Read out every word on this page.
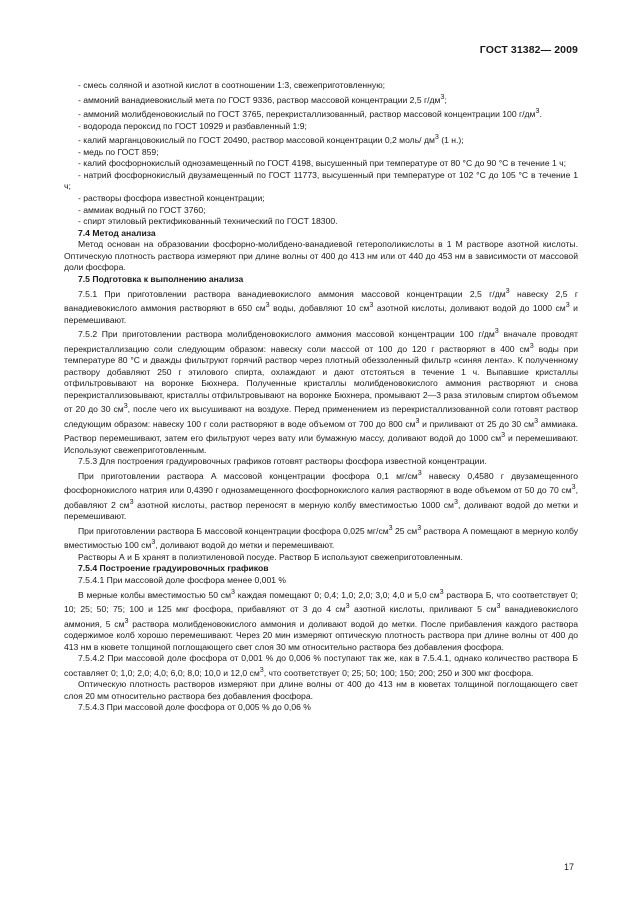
ГОСТ 31382— 2009

- смесь соляной и азотной кислот в соотношении 1:3, свежеприготовленную;

- аммоний ванадиевокислый мета по ГОСТ 9336, раствор массовой концентрации 2,5 $г/дм^3$;

- аммоний молибденовокислый по ГОСТ 3765, перекристаллизованный, раствор массовой концентрации 100 $г/дм^3$.

- водорода пероксид по ГОСТ 10929 и разбавленный 1:9;

- калий марганцовокислый по ГОСТ 20490, раствор массовой концентрации 0,2 моль/ $дм^3$ (1 н.);

- медь по ГОСТ 859;

- калий фосфорнокислый однозамещенный по ГОСТ 4198, высушенный при температуре от 80 °С до 90 °С в течение 1 ч;

- натрий фосфорнокислый двузамещенный по ГОСТ 11773, высушенный при температуре от 102 °С до 105 °С в течение 1 ч;

- растворы фосфора известной концентрации;

- аммиак водный по ГОСТ 3760;

- спирт этиловый ректификованный технический по ГОСТ 18300.

7.4 Метод анализа

Метод основан на образовании фосфорно-молибдено-ванадиевой гетерополикислоты в 1 М растворе азотной кислоты. Оптическую плотность раствора измеряют при длине волны от 400 до 413 нм или от 440 до 453 нм в зависимости от массовой доли фосфора.

7.5 Подготовка к выполнению анализа

7.5.1 При приготовлении раствора ванадиевокислого аммония массовой концентрации 2,5 $г/дм^3$ навеску 2,5 г ванадиевокислого аммония растворяют в 650 $см^3$ воды, добавляют 10 $см^3$ азотной кислоты, доливают водой до 1000 $см^3$ и перемешивают.

7.5.2 При приготовлении раствора молибденовокислого аммония массовой концентрации 100 $г/дм^3$ вначале проводят перекристаллизацию соли следующим образом: навеску соли массой от 100 до 120 г растворяют в 400 $см^3$ воды при температуре 80 °С и дважды фильтруют горячий раствор через плотный обеззоленный фильтр «синяя лента». К полученному раствору добавляют 250 г этилового спирта, охлаждают и дают отстояться в течение 1 ч. Выпавшие кристаллы отфильтровывают на воронке Бюхнера. Полученные кристаллы молибденовокислого аммония растворяют и снова перекристаллизовывают, кристаллы отфильтровывают на воронке Бюхнера, промывают 2—3 раза этиловым спиртом объемом от 20 до 30 $см^3$, после чего их высушивают на воздухе. Перед применением из перекристаллизованной соли готовят раствор следующим образом: навеску 100 г соли растворяют в воде объемом от 700 до 800 $см^3$ и приливают от 25 до 30 $см^3$ аммиака. Раствор перемешивают, затем его фильтруют через вату или бумажную массу, доливают водой до 1000 $см^3$ и перемешивают. Используют свежеприготовленным.

7.5.3 Для построения градуировочных графиков готовят растворы фосфора известной концентрации.

При приготовлении раствора А массовой концентрации фосфора 0,1 $мг/см^3$ навеску 0,4580 г двузамещенного фосфорнокислого натрия или 0,4390 г однозамещенного фосфорнокислого калия растворяют в воде объемом от 50 до 70 $см^3$, добавляют 2 $см^3$ азотной кислоты, раствор переносят в мерную колбу вместимостью 1000 $см^3$, доливают водой до метки и перемешивают.

При приготовлении раствора Б массовой концентрации фосфора 0,025 $мг/см^3$ 25 $см^3$ раствора А помещают в мерную колбу вместимостью 100 $см^3$, доливают водой до метки и перемешивают.

Растворы А и Б хранят в полиэтиленовой посуде. Раствор Б используют свежеприготовленным.

7.5.4 Построение градуировочных графиков

7.5.4.1 При массовой доле фосфора менее 0,001 %

В мерные колбы вместимостью 50 $см^3$ каждая помещают 0; 0,4; 1,0; 2,0; 3,0; 4,0 и 5,0 $см^3$ раствора Б, что соответствует 0; 10; 25; 50; 75; 100 и 125 мкг фосфора, прибавляют от 3 до 4 $см^3$ азотной кислоты, приливают 5 $см^3$ ванадиевокислого аммония, 5 $см^3$ раствора молибденовокислого аммония и доливают водой до метки. После прибавления каждого раствора содержимое колб хорошо перемешивают. Через 20 мин измеряют оптическую плотность раствора при длине волны от 400 до 413 нм в кювете толщиной поглощающего свет слоя 30 мм относительно раствора без добавления фосфора.

7.5.4.2 При массовой доле фосфора от 0,001 % до 0,006 % поступают так же, как в 7.5.4.1, однако количество раствора Б составляет 0; 1,0; 2,0; 4,0; 6,0; 8,0; 10,0 и 12,0 $см^3$, что соответствует 0; 25; 50; 100; 150; 200; 250 и 300 мкг фосфора.

Оптическую плотность растворов измеряют при длине волны от 400 до 413 нм в кюветах толщиной поглощающего свет слоя 20 мм относительно раствора без добавления фосфора.

7.5.4.3 При массовой доле фосфора от 0,005 % до 0,06 %

17
